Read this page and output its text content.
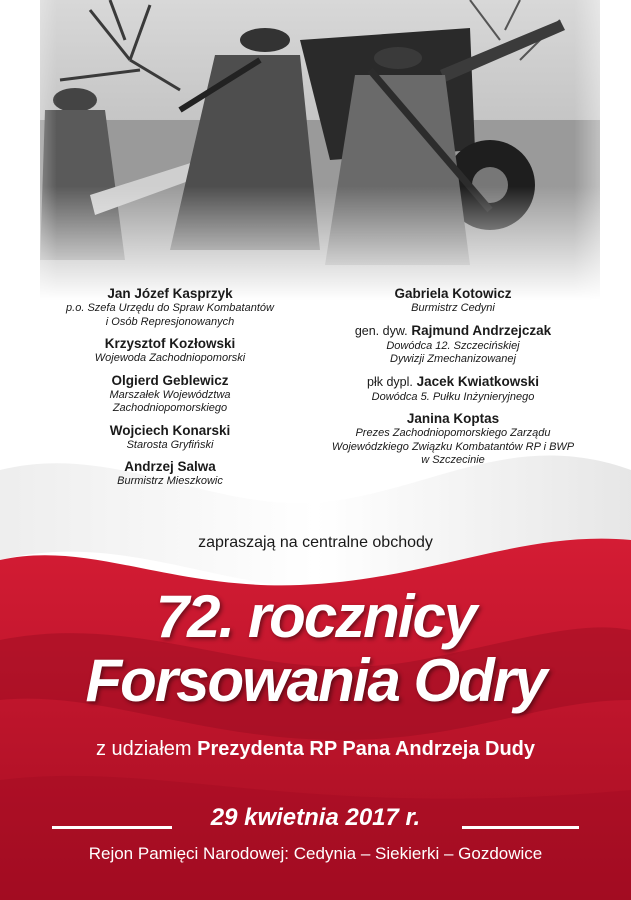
Jan Józef Kasprzyk
p.o. Szefa Urzędu do Spraw Kombatantów
i Osób Represjonowanych
Krzysztof Kozłowski
Wojewoda Zachodniopomorski
Olgierd Geblewicz
Marszałek Województwa
Zachodniopomorskiego
Wojciech Konarski
Starosta Gryfiński
Andrzej Salwa
Burmistrz Mieszkowic
Gabriela Kotowicz
Burmistrz Cedyni
gen. dyw. Rajmund Andrzejczak
Dowódca 12. Szczecińskiej
Dywizji Zmechanizowanej
płk dypl. Jacek Kwiatkowski
Dowódca 5. Pułku Inżynieryjnego
Janina Koptas
Prezes Zachodniopomorskiego Zarządu
Wojewódzkiego Związku Kombatantów RP i BWP
w Szczecinie
zapraszają na centralne obchody
72. rocznicy
Forsowania Odry
z udziałem Prezydenta RP Pana Andrzeja Dudy
29 kwietnia 2017 r.
Rejon Pamięci Narodowej: Cedynia – Siekierki – Gozdowice
